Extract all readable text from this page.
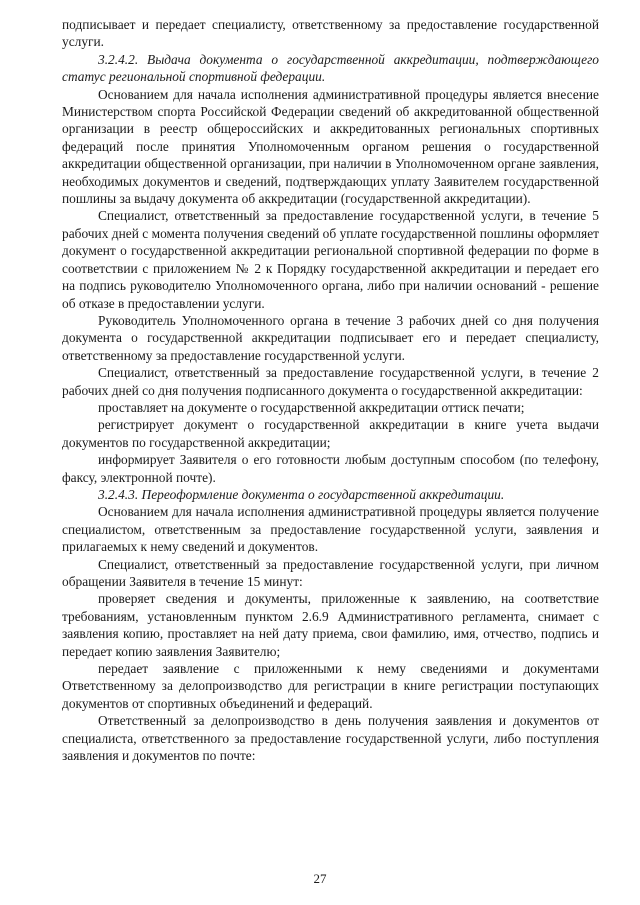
подписывает и передает специалисту, ответственному за предоставление государственной услуги.

3.2.4.2. Выдача документа о государственной аккредитации, подтверждающего статус региональной спортивной федерации.

Основанием для начала исполнения административной процедуры является внесение Министерством спорта Российской Федерации сведений об аккредитованной общественной организации в реестр общероссийских и аккредитованных региональных спортивных федераций после принятия Уполномоченным органом решения о государственной аккредитации общественной организации, при наличии в Уполномоченном органе заявления, необходимых документов и сведений, подтверждающих уплату Заявителем государственной пошлины за выдачу документа об аккредитации (государственной аккредитации).

Специалист, ответственный за предоставление государственной услуги, в течение 5 рабочих дней с момента получения сведений об уплате государственной пошлины оформляет документ о государственной аккредитации региональной спортивной федерации по форме в соответствии с приложением № 2 к Порядку государственной аккредитации и передает его на подпись руководителю Уполномоченного органа, либо при наличии оснований - решение об отказе в предоставлении услуги.

Руководитель Уполномоченного органа в течение 3 рабочих дней со дня получения документа о государственной аккредитации подписывает его и передает специалисту, ответственному за предоставление государственной услуги.

Специалист, ответственный за предоставление государственной услуги, в течение 2 рабочих дней со дня получения подписанного документа о государственной аккредитации:

проставляет на документе о государственной аккредитации оттиск печати;

регистрирует документ о государственной аккредитации в книге учета выдачи документов по государственной аккредитации;

информирует Заявителя о его готовности любым доступным способом (по телефону, факсу, электронной почте).

3.2.4.3. Переоформление документа о государственной аккредитации.

Основанием для начала исполнения административной процедуры является получение специалистом, ответственным за предоставление государственной услуги, заявления и прилагаемых к нему сведений и документов.

Специалист, ответственный за предоставление государственной услуги, при личном обращении Заявителя в течение 15 минут:

проверяет сведения и документы, приложенные к заявлению, на соответствие требованиям, установленным пунктом 2.6.9 Административного регламента, снимает с заявления копию, проставляет на ней дату приема, свои фамилию, имя, отчество, подпись и передает копию заявления Заявителю;

передает заявление с приложенными к нему сведениями и документами Ответственному за делопроизводство для регистрации в книге регистрации поступающих документов от спортивных объединений и федераций.

Ответственный за делопроизводство в день получения заявления и документов от специалиста, ответственного за предоставление государственной услуги, либо поступления заявления и документов по почте:

27
